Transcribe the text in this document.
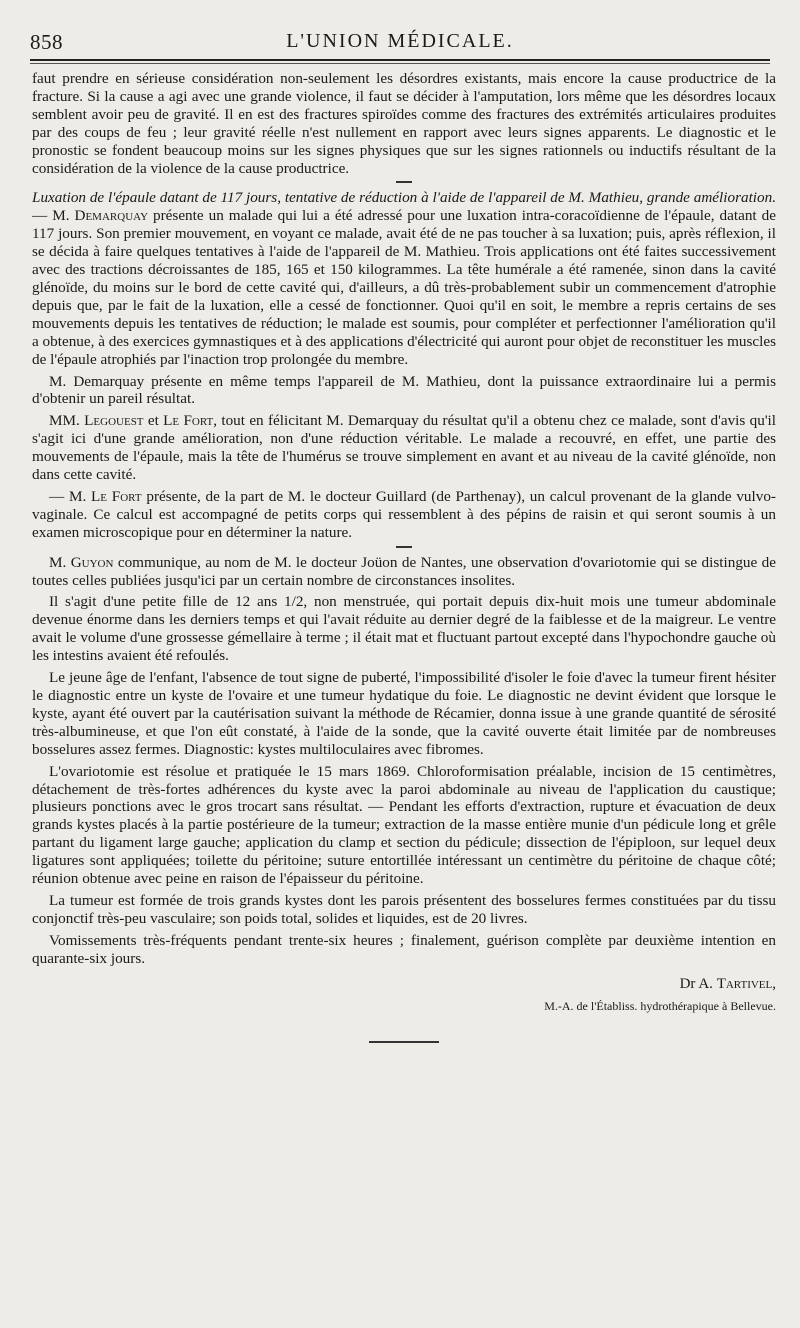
858	L'UNION MÉDICALE.

faut prendre en sérieuse considération non-seulement les désordres existants, mais encore la cause productrice de la fracture. Si la cause a agi avec une grande violence, il faut se décider à l'amputation, lors même que les désordres locaux semblent avoir peu de gravité. Il en est des fractures spiroïdes comme des fractures des extrémités articulaires produites par des coups de feu ; leur gravité réelle n'est nullement en rapport avec leurs signes apparents. Le diagnostic et le pronostic se fondent beaucoup moins sur les signes physiques que sur les signes rationnels ou inductifs résultant de la considération de la violence de la cause productrice.

Luxation de l'épaule datant de 117 jours, tentative de réduction à l'aide de l'appareil de M. Mathieu, grande amélioration. — M. Demarquay présente un malade qui lui a été adressé pour une luxation intra-coracoïdienne de l'épaule, datant de 117 jours. Son premier mouvement, en voyant ce malade, avait été de ne pas toucher à sa luxation; puis, après réflexion, il se décida à faire quelques tentatives à l'aide de l'appareil de M. Mathieu. Trois applications ont été faites successivement avec des tractions décroissantes de 185, 165 et 150 kilogrammes. La tête humérale a été ramenée, sinon dans la cavité glénoïde, du moins sur le bord de cette cavité qui, d'ailleurs, a dû très-probablement subir un commencement d'atrophie depuis que, par le fait de la luxation, elle a cessé de fonctionner. Quoi qu'il en soit, le membre a repris certains de ses mouvements depuis les tentatives de réduction; le malade est soumis, pour compléter et perfectionner l'amélioration qu'il a obtenue, à des exercices gymnastiques et à des applications d'électricité qui auront pour objet de reconstituer les muscles de l'épaule atrophiés par l'inaction trop prolongée du membre.

M. Demarquay présente en même temps l'appareil de M. Mathieu, dont la puissance extraordinaire lui a permis d'obtenir un pareil résultat.

MM. Legouest et Le Fort, tout en félicitant M. Demarquay du résultat qu'il a obtenu chez ce malade, sont d'avis qu'il s'agit ici d'une grande amélioration, non d'une réduction véritable. Le malade a recouvré, en effet, une partie des mouvements de l'épaule, mais la tête de l'humérus se trouve simplement en avant et au niveau de la cavité glénoïde, non dans cette cavité.

— M. Le Fort présente, de la part de M. le docteur Guillard (de Parthenay), un calcul provenant de la glande vulvo-vaginale. Ce calcul est accompagné de petits corps qui ressemblent à des pépins de raisin et qui seront soumis à un examen microscopique pour en déterminer la nature.

M. Guyon communique, au nom de M. le docteur Joüon de Nantes, une observation d'ovariotomie qui se distingue de toutes celles publiées jusqu'ici par un certain nombre de circonstances insolites.

Il s'agit d'une petite fille de 12 ans 1/2, non menstruée, qui portait depuis dix-huit mois une tumeur abdominale devenue énorme dans les derniers temps et qui l'avait réduite au dernier degré de la faiblesse et de la maigreur. Le ventre avait le volume d'une grossesse gémellaire à terme ; il était mat et fluctuant partout excepté dans l'hypochondre gauche où les intestins avaient été refoulés.

Le jeune âge de l'enfant, l'absence de tout signe de puberté, l'impossibilité d'isoler le foie d'avec la tumeur firent hésiter le diagnostic entre un kyste de l'ovaire et une tumeur hydatique du foie. Le diagnostic ne devint évident que lorsque le kyste, ayant été ouvert par la cautérisation suivant la méthode de Récamier, donna issue à une grande quantité de sérosité très-albumineuse, et que l'on eût constaté, à l'aide de la sonde, que la cavité ouverte était limitée par de nombreuses bosselures assez fermes. Diagnostic: kystes multiloculaires avec fibromes.

L'ovariotomie est résolue et pratiquée le 15 mars 1869. Chloroformisation préalable, incision de 15 centimètres, détachement de très-fortes adhérences du kyste avec la paroi abdominale au niveau de l'application du caustique; plusieurs ponctions avec le gros trocart sans résultat. — Pendant les efforts d'extraction, rupture et évacuation de deux grands kystes placés à la partie postérieure de la tumeur; extraction de la masse entière munie d'un pédicule long et grêle partant du ligament large gauche; application du clamp et section du pédicule; dissection de l'épiploon, sur lequel deux ligatures sont appliquées; toilette du péritoine; suture entortillée intéressant un centimètre du péritoine de chaque côté; réunion obtenue avec peine en raison de l'épaisseur du péritoine.

La tumeur est formée de trois grands kystes dont les parois présentent des bosselures fermes constituées par du tissu conjonctif très-peu vasculaire; son poids total, solides et liquides, est de 20 livres.

Vomissements très-fréquents pendant trente-six heures ; finalement, guérison complète par deuxième intention en quarante-six jours.

Dr A. Tartivel,
M.-A. de l'Établiss. hydrothérapique à Bellevue.
